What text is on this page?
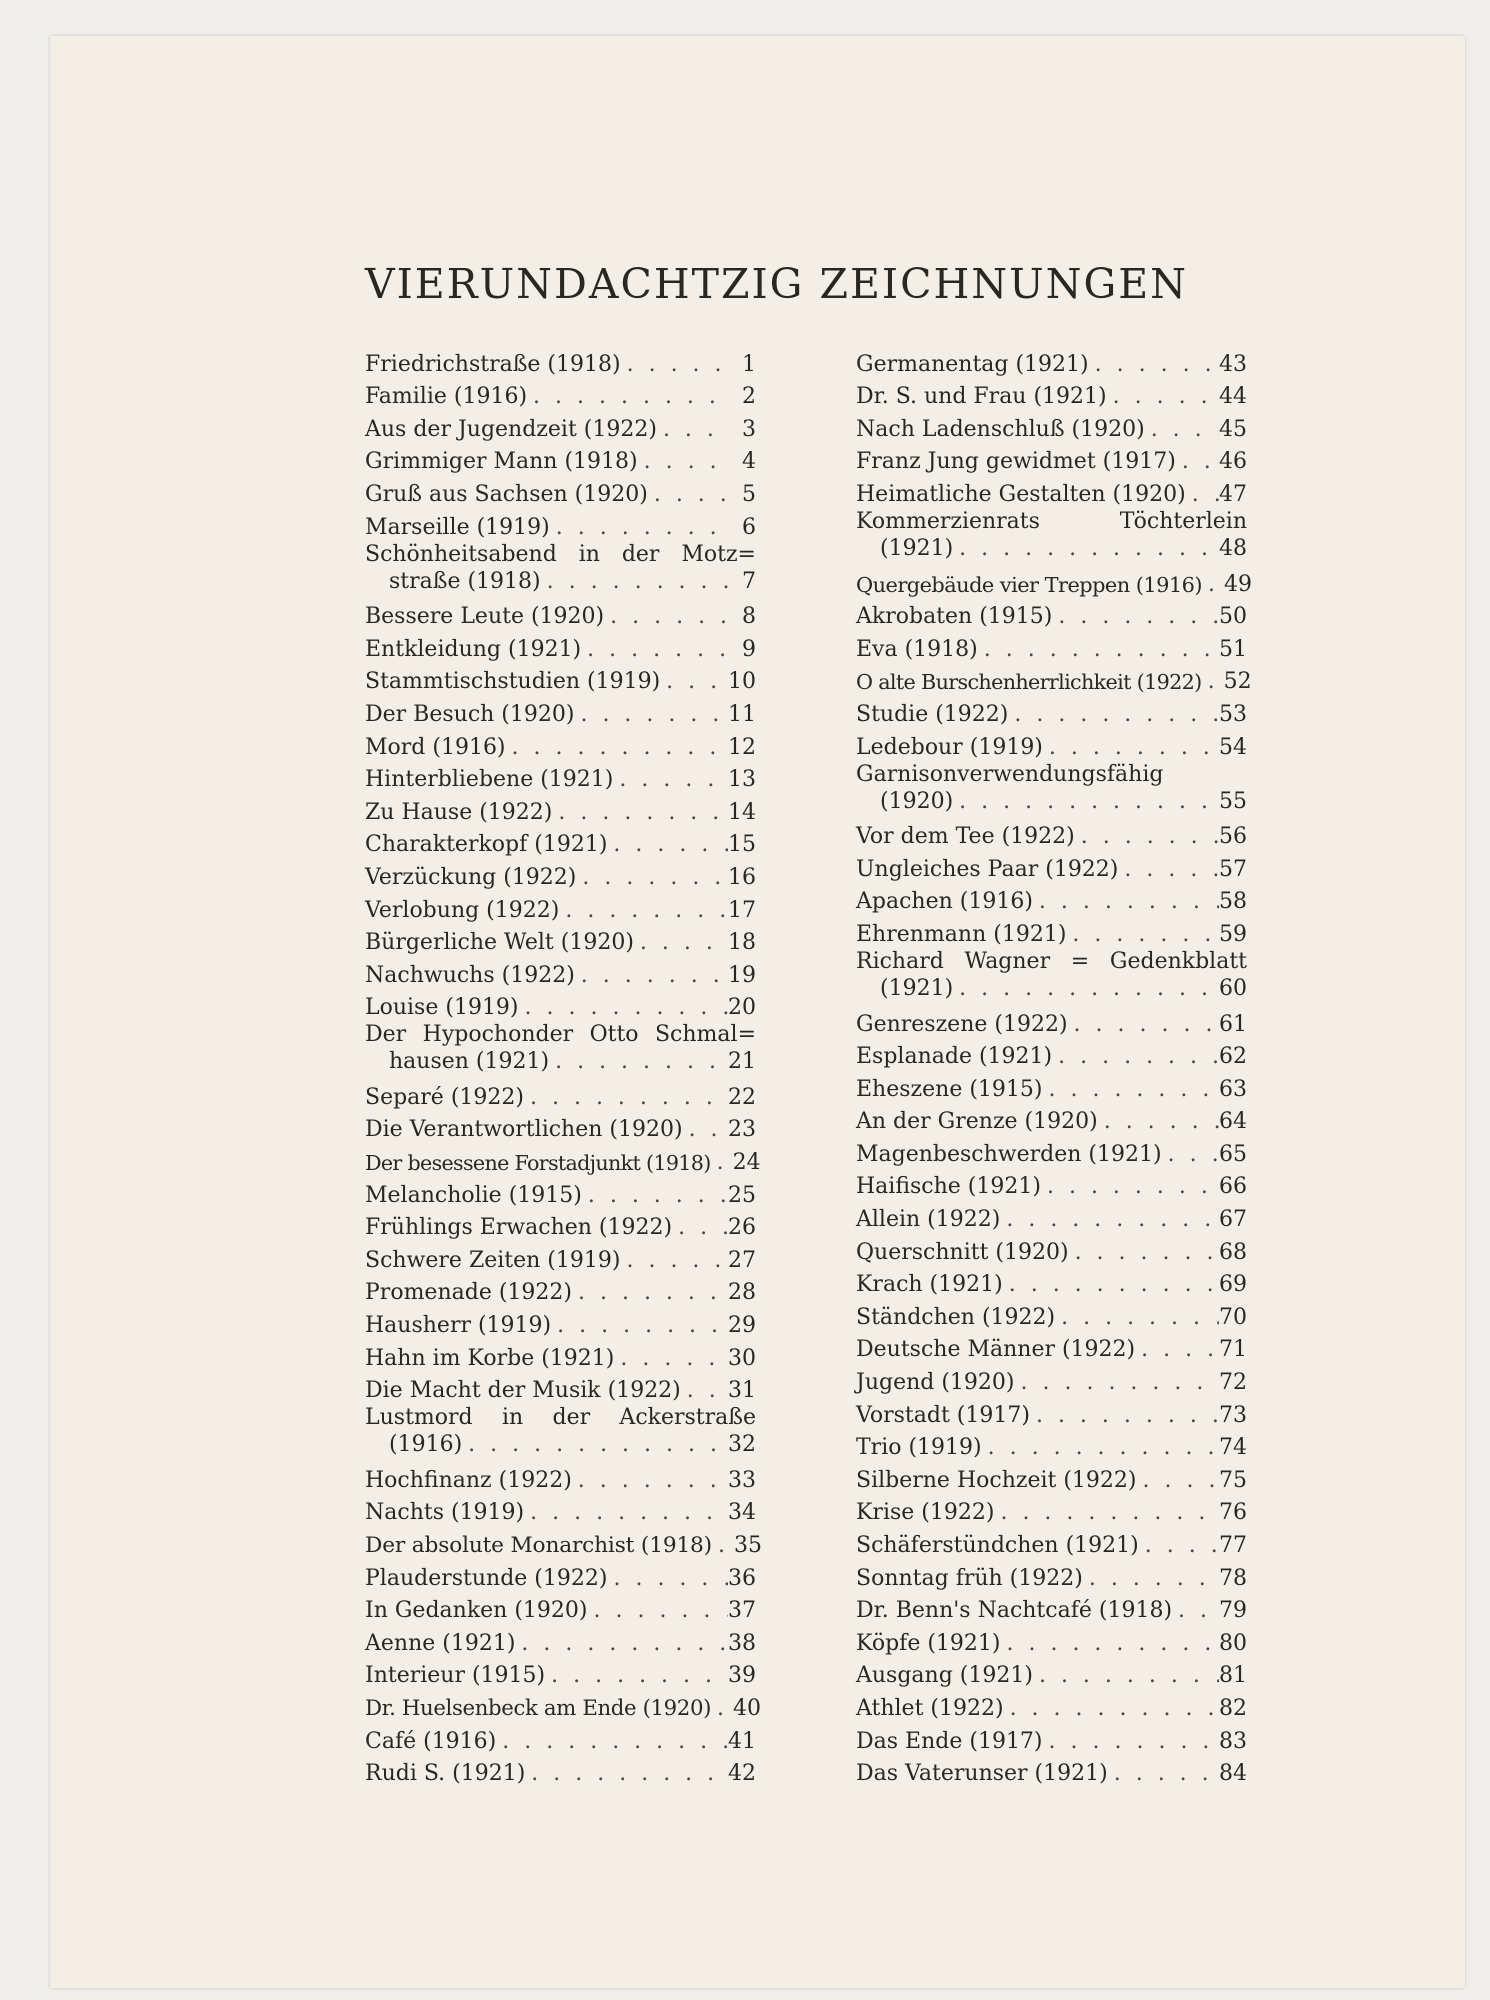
VIERUNDACHTZIG ZEICHNUNGEN
Friedrichstraße (1918) . . .	1
Familie (1916) . . .	2
Aus der Jugendzeit (1922) . . .	3
Grimmiger Mann (1918) . . .	4
Gruß aus Sachsen (1920) . . .	5
Marseille (1919) . . .	6
Schönheitsabend in der Motz=
straße (1918) . . .	7
Bessere Leute (1920) . . .	8
Entkleidung (1921) . . .	9
Stammtischstudien (1919) . . .	10
Der Besuch (1920) . . .	11
Mord (1916) . . .	12
Hinterbliebene (1921) . . .	13
Zu Hause (1922) . . .	14
Charakterkopf (1921) . . .	15
Verzückung (1922) . . .	16
Verlobung (1922) . . .	17
Bürgerliche Welt (1920) . . .	18
Nachwuchs (1922) . . .	19
Louise (1919) . . .	20
Der Hypochonder Otto Schmal=
hausen (1921) . . .	21
Separé (1922) . . .	22
Die Verantwortlichen (1920) . . . 23
Der besessene Forstadjunkt (1918) . . . 24
Melancholie (1915) . . .	25
Frühlings Erwachen (1922) . . .	26
Schwere Zeiten (1919) . . .	27
Promenade (1922) . . .	28
Hausherr (1919) . . .	29
Hahn im Korbe (1921) . . .	30
Die Macht der Musik (1922) . . . 31
Lustmord in der Ackerstraße
(1916) . . .	32
Hochfinanz (1922) . . .	33
Nachts (1919) . . .	34
Der absolute Monarchist (1918) . . . 35
Plauderstunde (1922) . . .	36
In Gedanken (1920) . . .	37
Aenne (1921) . . .	38
Interieur (1915) . . .	39
Dr. Huelsenbeck am Ende (1920) . . . 40
Café (1916) . . .	41
Rudi S. (1921) . . .	42
Germanentag (1921) . . .	43
Dr. S. und Frau (1921) . . .	44
Nach Ladenschluß (1920) . . .	45
Franz Jung gewidmet (1917) . . . 46
Heimatliche Gestalten (1920) . . . 47
Kommerzienrats Töchterlein
(1921) . . .	48
Quergebäude vier Treppen (1916) . . . 49
Akrobaten (1915) . . .	50
Eva (1918) . . .	51
O alte Burschenherrlichkeit (1922) . . . 52
Studie (1922) . . .	53
Ledebour (1919) . . .	54
Garnisonverwendungsfähig
(1920) . . .	55
Vor dem Tee (1922) . . .	56
Ungleiches Paar (1922) . . .	57
Apachen (1916) . . .	58
Ehrenmann (1921) . . .	59
Richard Wagner = Gedenkblatt
(1921) . . .	60
Genreszene (1922) . . .	61
Esplanade (1921) . . .	62
Eheszene (1915) . . .	63
An der Grenze (1920) . . .	64
Magenbeschwerden (1921) . . .	65
Haifische (1921) . . .	66
Allein (1922) . . .	67
Querschnitt (1920) . . .	68
Krach (1921) . . .	69
Ständchen (1922) . . .	70
Deutsche Männer (1922) . . .	71
Jugend (1920) . . .	72
Vorstadt (1917) . . .	73
Trio (1919) . . .	74
Silberne Hochzeit (1922) . . .	75
Krise (1922) . . .	76
Schäferstündchen (1921) . . .	77
Sonntag früh (1922) . . .	78
Dr. Benn's Nachtcafé (1918) . . . 79
Köpfe (1921) . . .	80
Ausgang (1921) . . .	81
Athlet (1922) . . .	82
Das Ende (1917) . . .	83
Das Vaterunser (1921) . . .	84
